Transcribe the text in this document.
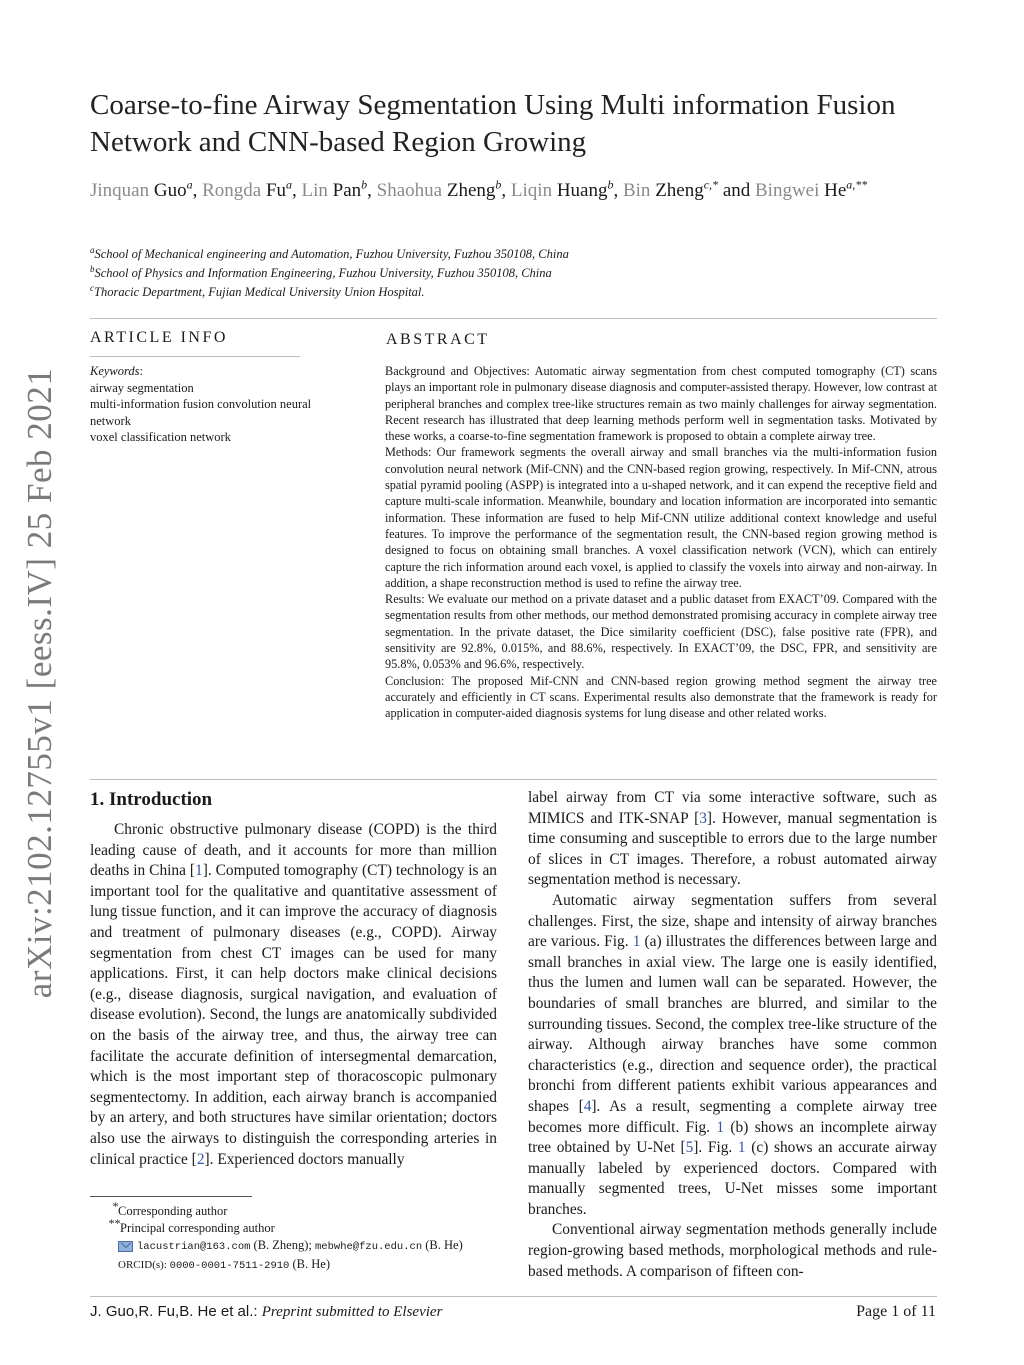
arXiv:2102.12755v1 [eess.IV] 25 Feb 2021
Coarse-to-fine Airway Segmentation Using Multi information Fusion Network and CNN-based Region Growing
Jinquan Guo$^a$, Rongda Fu$^a$, Lin Pan$^b$, Shaohua Zheng$^b$, Liqin Huang$^b$, Bin Zheng$^{c,*}$ and Bingwei $He^{a,**}$
$^a$School of Mechanical engineering and Automation, Fuzhou University, Fuzhou 350108, China
$^b$School of Physics and Information Engineering, Fuzhou University, Fuzhou 350108, China
$^c$Thoracic Department, Fujian Medical University Union Hospital.
ARTICLE INFO
Keywords:
airway segmentation
multi-information fusion convolution neural network
voxel classification network
ABSTRACT

Background and Objectives: Automatic airway segmentation from chest computed tomography (CT) scans plays an important role in pulmonary disease diagnosis and computer-assisted therapy. However, low contrast at peripheral branches and complex tree-like structures remain as two mainly challenges for airway segmentation. Recent research has illustrated that deep learning methods perform well in segmentation tasks. Motivated by these works, a coarse-to-fine segmentation framework is proposed to obtain a complete airway tree.

Methods: Our framework segments the overall airway and small branches via the multi-information fusion convolution neural network (Mif-CNN) and the CNN-based region growing, respectively. In Mif-CNN, atrous spatial pyramid pooling (ASPP) is integrated into a u-shaped network, and it can expend the receptive field and capture multi-scale information. Meanwhile, boundary and location information are incorporated into semantic information. These information are fused to help Mif-CNN utilize additional context knowledge and useful features. To improve the performance of the segmentation result, the CNN-based region growing method is designed to focus on obtaining small branches. A voxel classification network (VCN), which can entirely capture the rich information around each voxel, is applied to classify the voxels into airway and non-airway. In addition, a shape reconstruction method is used to refine the airway tree.

Results: We evaluate our method on a private dataset and a public dataset from EXACT’09. Compared with the segmentation results from other methods, our method demonstrated promising accuracy in complete airway tree segmentation. In the private dataset, the Dice similarity coefficient (DSC), false positive rate (FPR), and sensitivity are 92.8%, 0.015%, and 88.6%, respectively. In EXACT’09, the DSC, FPR, and sensitivity are 95.8%, 0.053% and 96.6%, respectively.

Conclusion: The proposed Mif-CNN and CNN-based region growing method segment the airway tree accurately and efficiently in CT scans. Experimental results also demonstrate that the framework is ready for application in computer-aided diagnosis systems for lung disease and other related works.

1. Introduction

Chronic obstructive pulmonary disease (COPD) is the third leading cause of death, and it accounts for more than million deaths in China [1]. Computed tomography (CT) technology is an important tool for the qualitative and quantitative assessment of lung tissue function, and it can improve the accuracy of diagnosis and treatment of pulmonary diseases (e.g., COPD). Airway segmentation from chest CT images can be used for many applications. First, it can help doctors make clinical decisions (e.g., disease diagnosis, surgical navigation, and evaluation of disease evolution). Second, the lungs are anatomically subdivided on the basis of the airway tree, and thus, the airway tree can facilitate the accurate definition of intersegmental demarcation, which is the most important step of thoracoscopic pulmonary segmentectomy. In addition, each airway branch is accompanied by an artery, and both structures have similar orientation; doctors also use the airways to distinguish the corresponding arteries in clinical practice [2]. Experienced doctors manually

label airway from CT via some interactive software, such as MIMICS and ITK-SNAP [3]. However, manual segmentation is time consuming and susceptible to errors due to the large number of slices in CT images. Therefore, a robust automated airway segmentation method is necessary.

Automatic airway segmentation suffers from several challenges. First, the size, shape and intensity of airway branches are various. Fig. 1 (a) illustrates the differences between large and small branches in axial view. The large one is easily identified, thus the lumen and lumen wall can be separated. However, the boundaries of small branches are blurred, and similar to the surrounding tissues. Second, the complex tree-like structure of the airway. Although airway branches have some common characteristics (e.g., direction and sequence order), the practical bronchi from different patients exhibit various appearances and shapes [4]. As a result, segmenting a complete airway tree becomes more difficult. Fig. 1 (b) shows an incomplete airway tree obtained by U-Net [5]. Fig. 1 (c) shows an accurate airway manually labeled by experienced doctors. Compared with manually segmented trees, U-Net misses some important branches.

Conventional airway segmentation methods generally include region-growing based methods, morphological methods and rule-based methods. A comparison of fifteen con-

*Corresponding author
**Principal corresponding author
lacustrian@163.com (B. Zheng); mebwhe@fzu.edu.cn (B. He)
ORCID(s): 0000-0001-7511-2910 (B. He)
J. Guo,R. Fu,B. He et al.: Preprint submitted to Elsevier	Page 1 of 11
